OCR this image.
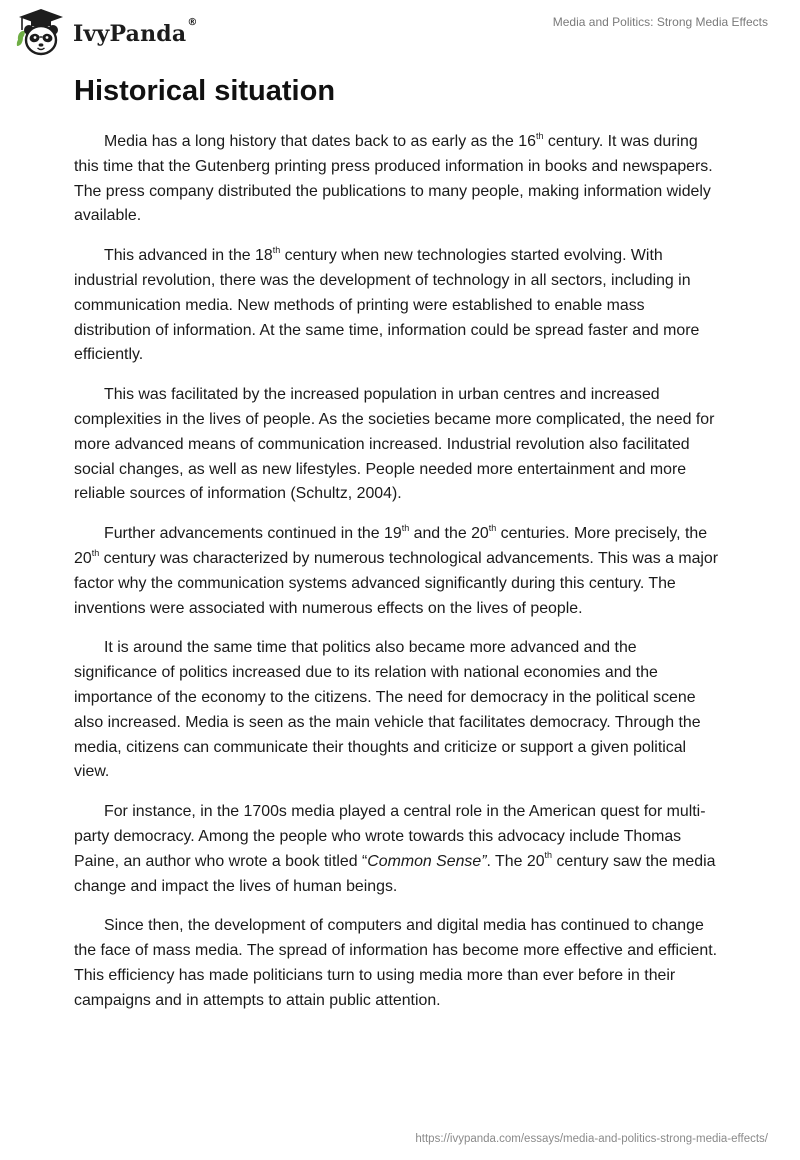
IvyPanda®	Media and Politics: Strong Media Effects
Historical situation

Media has a long history that dates back to as early as the 16th century. It was during this time that the Gutenberg printing press produced information in books and newspapers. The press company distributed the publications to many people, making information widely available.

This advanced in the 18th century when new technologies started evolving. With industrial revolution, there was the development of technology in all sectors, including in communication media. New methods of printing were established to enable mass distribution of information. At the same time, information could be spread faster and more efficiently.

This was facilitated by the increased population in urban centres and increased complexities in the lives of people. As the societies became more complicated, the need for more advanced means of communication increased. Industrial revolution also facilitated social changes, as well as new lifestyles. People needed more entertainment and more reliable sources of information (Schultz, 2004).

Further advancements continued in the 19th and the 20th centuries. More precisely, the 20th century was characterized by numerous technological advancements. This was a major factor why the communication systems advanced significantly during this century. The inventions were associated with numerous effects on the lives of people.

It is around the same time that politics also became more advanced and the significance of politics increased due to its relation with national economies and the importance of the economy to the citizens. The need for democracy in the political scene also increased. Media is seen as the main vehicle that facilitates democracy. Through the media, citizens can communicate their thoughts and criticize or support a given political view.

For instance, in the 1700s media played a central role in the American quest for multi- party democracy. Among the people who wrote towards this advocacy include Thomas Paine, an author who wrote a book titled “Common Sense”. The 20th century saw the media change and impact the lives of human beings.

Since then, the development of computers and digital media has continued to change the face of mass media. The spread of information has become more effective and efficient. This efficiency has made politicians turn to using media more than ever before in their campaigns and in attempts to attain public attention.

https://ivypanda.com/essays/media-and-politics-strong-media-effects/
